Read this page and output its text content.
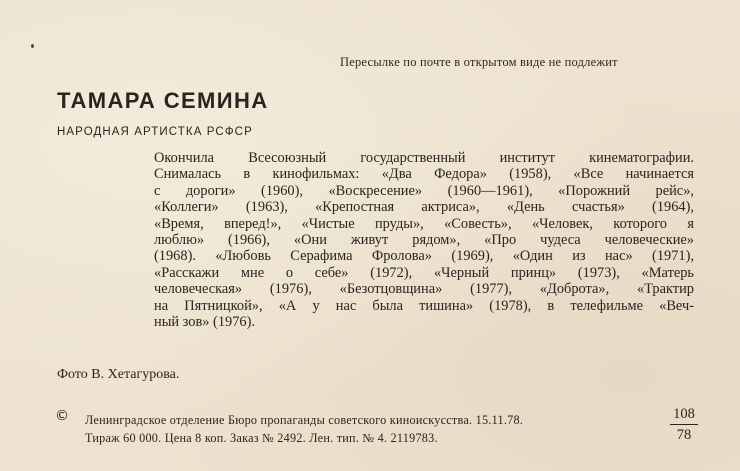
Пересылке по почте в открытом виде не подлежит
ТАМАРА СЕМИНА
НАРОДНАЯ АРТИСТКА РСФСР
Окончила Всесоюзный государственный институт кинематографии.
Снималась в кинофильмах: «Два Федора» (1958), «Все начинается
с дороги» (1960), «Воскресение» (1960—1961), «Порожний рейс»,
«Коллеги» (1963), «Крепостная актриса», «День счастья» (1964),
«Время, вперед!», «Чистые пруды», «Совесть», «Человек, которого я
люблю» (1966), «Они живут рядом», «Про чудеса человеческие»
(1968). «Любовь Серафима Фролова» (1969), «Один из нас» (1971),
«Расскажи мне о себе» (1972), «Черный принц» (1973), «Матерь
человеческая» (1976), «Безотцовщина» (1977), «Доброта», «Трактир
на Пятницкой», «А у нас была тишина» (1978), в телефильме «Веч-
ный зов» (1976).
Фото В. Хетагурова.
© Ленинградское отделение Бюро пропаганды советского киноискусства. 15.11.78.
Тираж 60 000. Цена 8 коп. Заказ № 2492. Лен. тип. № 4. 2119783.
108
78
